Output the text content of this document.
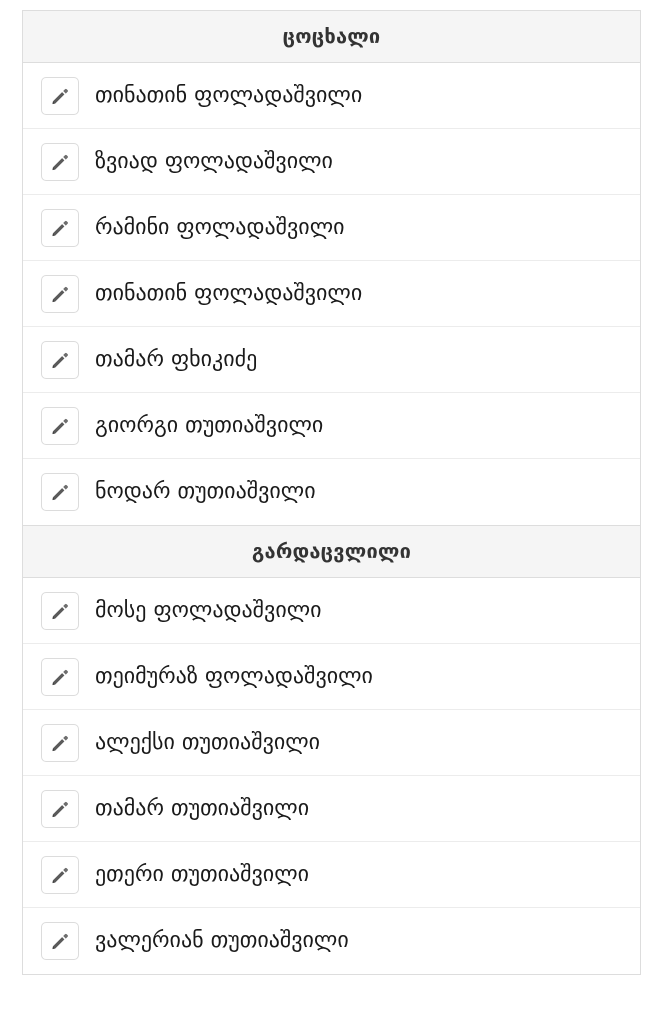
ცოცხალი
თინათინ ფოლადაშვილი
ზვიად ფოლადაშვილი
რამინი ფოლადაშვილი
თინათინ ფოლადაშვილი
თამარ ფხიკიძე
გიორგი თუთიაშვილი
ნოდარ თუთიაშვილი
გარდაცვლილი
მოსე ფოლადაშვილი
თეიმურაზ ფოლადაშვილი
ალექსი თუთიაშვილი
თამარ თუთიაშვილი
ეთერი თუთიაშვილი
ვალერიან თუთიაშვილი
